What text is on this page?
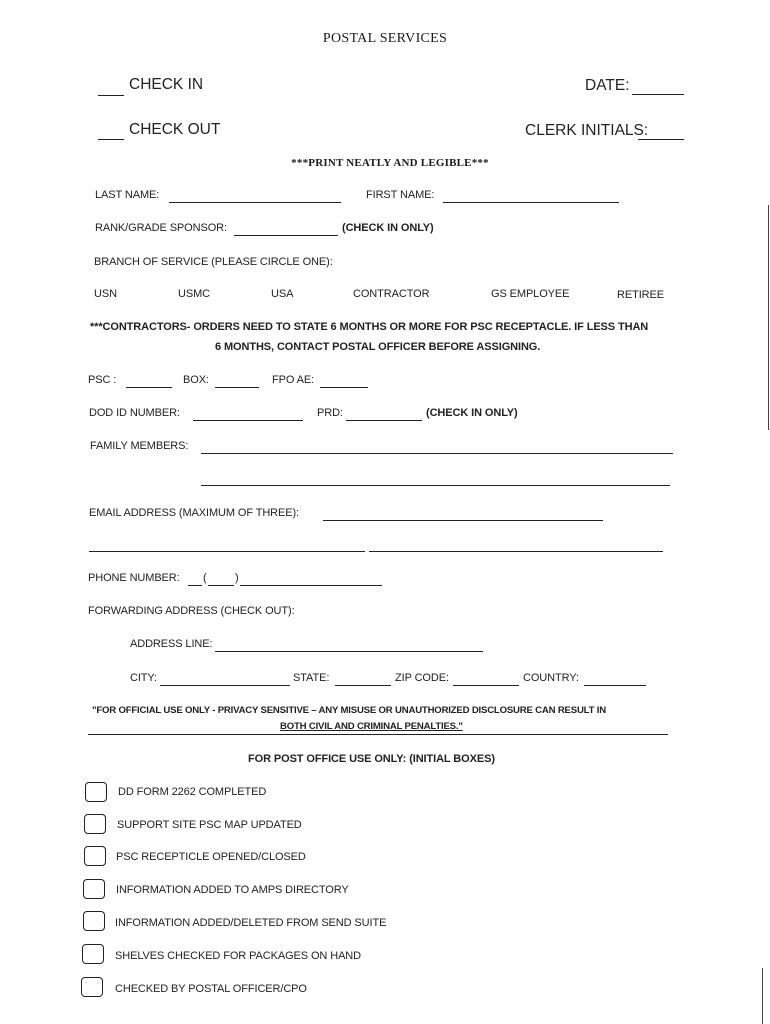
POSTAL SERVICES
CHECK IN	DATE:
CHECK OUT	CLERK INITIALS:
***PRINT NEATLY AND LEGIBLE***
LAST NAME:	FIRST NAME:
RANK/GRADE SPONSOR:	(CHECK IN ONLY)
BRANCH OF SERVICE (PLEASE CIRCLE ONE):
USN	USMC	USA	CONTRACTOR	GS EMPLOYEE	RETIREE
***CONTRACTORS- ORDERS NEED TO STATE 6 MONTHS OR MORE FOR PSC RECEPTACLE. IF LESS THAN
6 MONTHS, CONTACT POSTAL OFFICER BEFORE ASSIGNING.
PSC :	BOX:	FPO AE:
DOD ID NUMBER:	PRD:	(CHECK IN ONLY)
FAMILY MEMBERS:
EMAIL ADDRESS (MAXIMUM OF THREE):
PHONE NUMBER: (	)
FORWARDING ADDRESS (CHECK OUT):
ADDRESS LINE:
CITY:	STATE:	ZIP CODE:	COUNTRY:
"FOR OFFICIAL USE ONLY - PRIVACY SENSITIVE – ANY MISUSE OR UNAUTHORIZED DISCLOSURE CAN RESULT IN
BOTH CIVIL AND CRIMINAL PENALTIES."
FOR POST OFFICE USE ONLY: (INITIAL BOXES)
DD FORM 2262 COMPLETED
SUPPORT SITE PSC MAP UPDATED
PSC RECEPTICLE OPENED/CLOSED
INFORMATION ADDED TO AMPS DIRECTORY
INFORMATION ADDED/DELETED FROM SEND SUITE
SHELVES CHECKED FOR PACKAGES ON HAND
CHECKED BY POSTAL OFFICER/CPO
